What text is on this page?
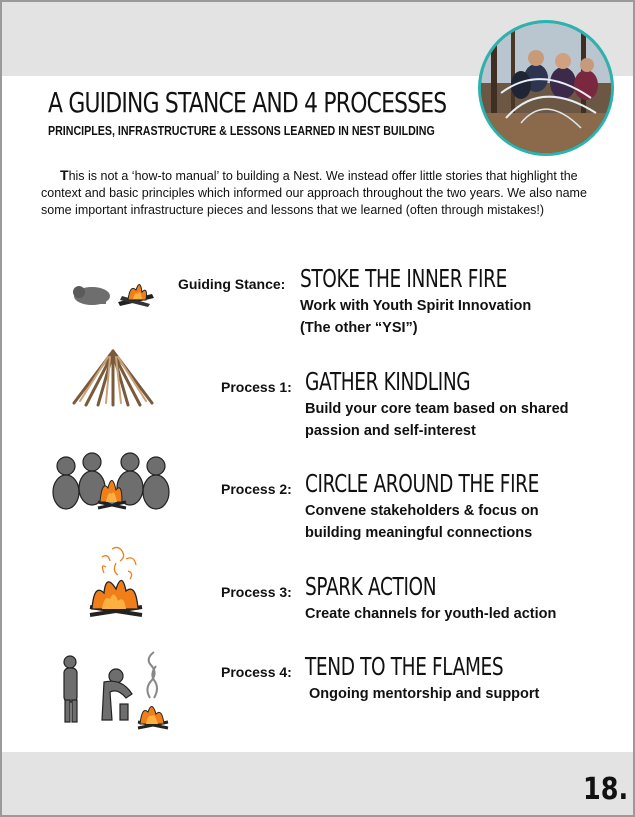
A GUIDING STANCE AND 4 PROCESSES
PRINCIPLES, INFRASTRUCTURE & LESSONS LEARNED IN NEST BUILDING

This is not a ‘how-to manual’ to building a Nest. We instead offer little stories that highlight the context and basic principles which informed our approach throughout the two years. We also name some important infrastructure pieces and lessons that we learned (often through mistakes!)

Guiding Stance: STOKE THE INNER FIRE
Work with Youth Spirit Innovation
(The other “YSI”)
Process 1: GATHER KINDLING
Build your core team based on shared
passion and self-interest
Process 2: CIRCLE AROUND THE FIRE
Convene stakeholders & focus on
building meaningful connections
Process 3: SPARK ACTION
Create channels for youth-led action
Process 4: TEND TO THE FLAMES
Ongoing mentorship and support
18.
